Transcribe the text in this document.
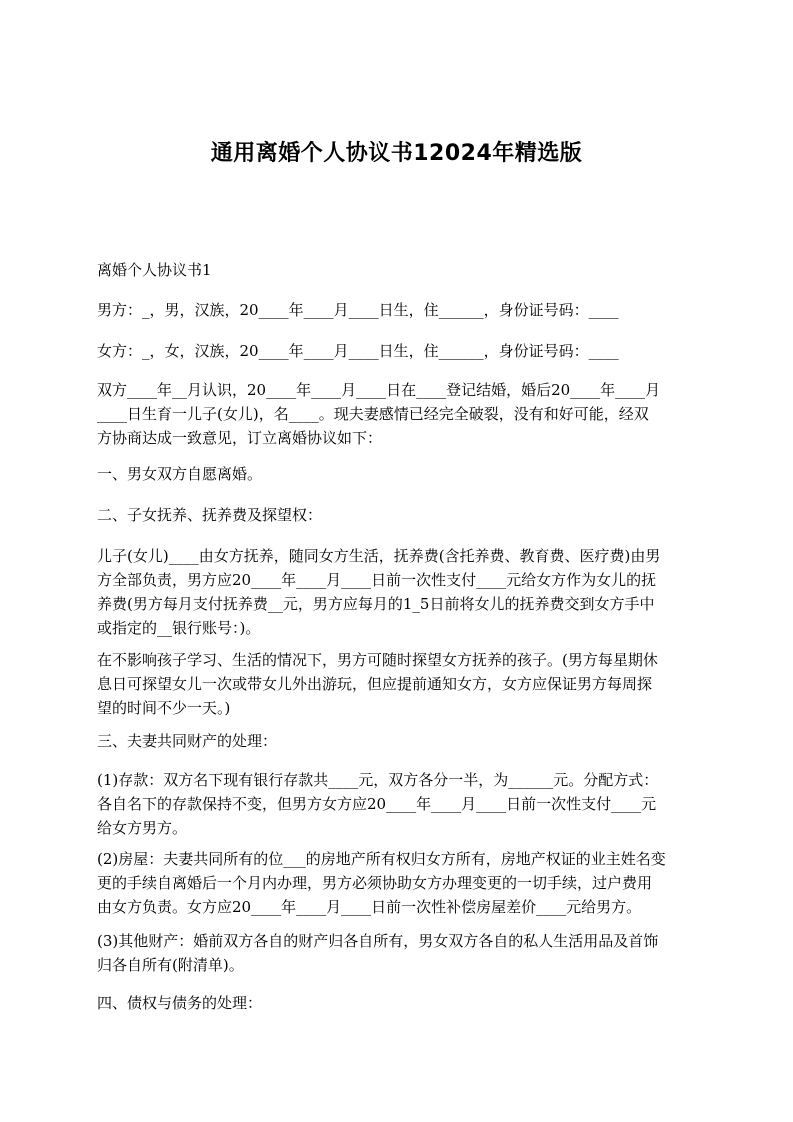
通用离婚个人协议书12024年精选版
离婚个人协议书1
男方：_，男，汉族，20____年____月____日生，住______，身份证号码：____
女方：_，女，汉族，20____年____月____日生，住______，身份证号码：____
双方____年__月认识，20____年____月____日在____登记结婚，婚后20____年____月
____日生育一儿子(女儿)，名____。现夫妻感情已经完全破裂，没有和好可能，经双
方协商达成一致意见，订立离婚协议如下：
一、男女双方自愿离婚。
二、子女抚养、抚养费及探望权：
儿子(女儿)____由女方抚养，随同女方生活，抚养费(含托养费、教育费、医疗费)由男
方全部负责，男方应20____年____月____日前一次性支付____元给女方作为女儿的抚
养费(男方每月支付抚养费__元，男方应每月的1_5日前将女儿的抚养费交到女方手中
或指定的__银行账号：)。
在不影响孩子学习、生活的情况下，男方可随时探望女方抚养的孩子。(男方每星期休
息日可探望女儿一次或带女儿外出游玩，但应提前通知女方，女方应保证男方每周探
望的时间不少一天。)
三、夫妻共同财产的处理：
(1)存款：双方名下现有银行存款共____元，双方各分一半，为______元。分配方式：
各自名下的存款保持不变，但男方女方应20____年____月____日前一次性支付____元
给女方男方。
(2)房屋：夫妻共同所有的位___的房地产所有权归女方所有，房地产权证的业主姓名变
更的手续自离婚后一个月内办理，男方必须协助女方办理变更的一切手续，过户费用
由女方负责。女方应20____年____月____日前一次性补偿房屋差价____元给男方。
(3)其他财产：婚前双方各自的财产归各自所有，男女双方各自的私人生活用品及首饰
归各自所有(附清单)。
四、债权与债务的处理：
